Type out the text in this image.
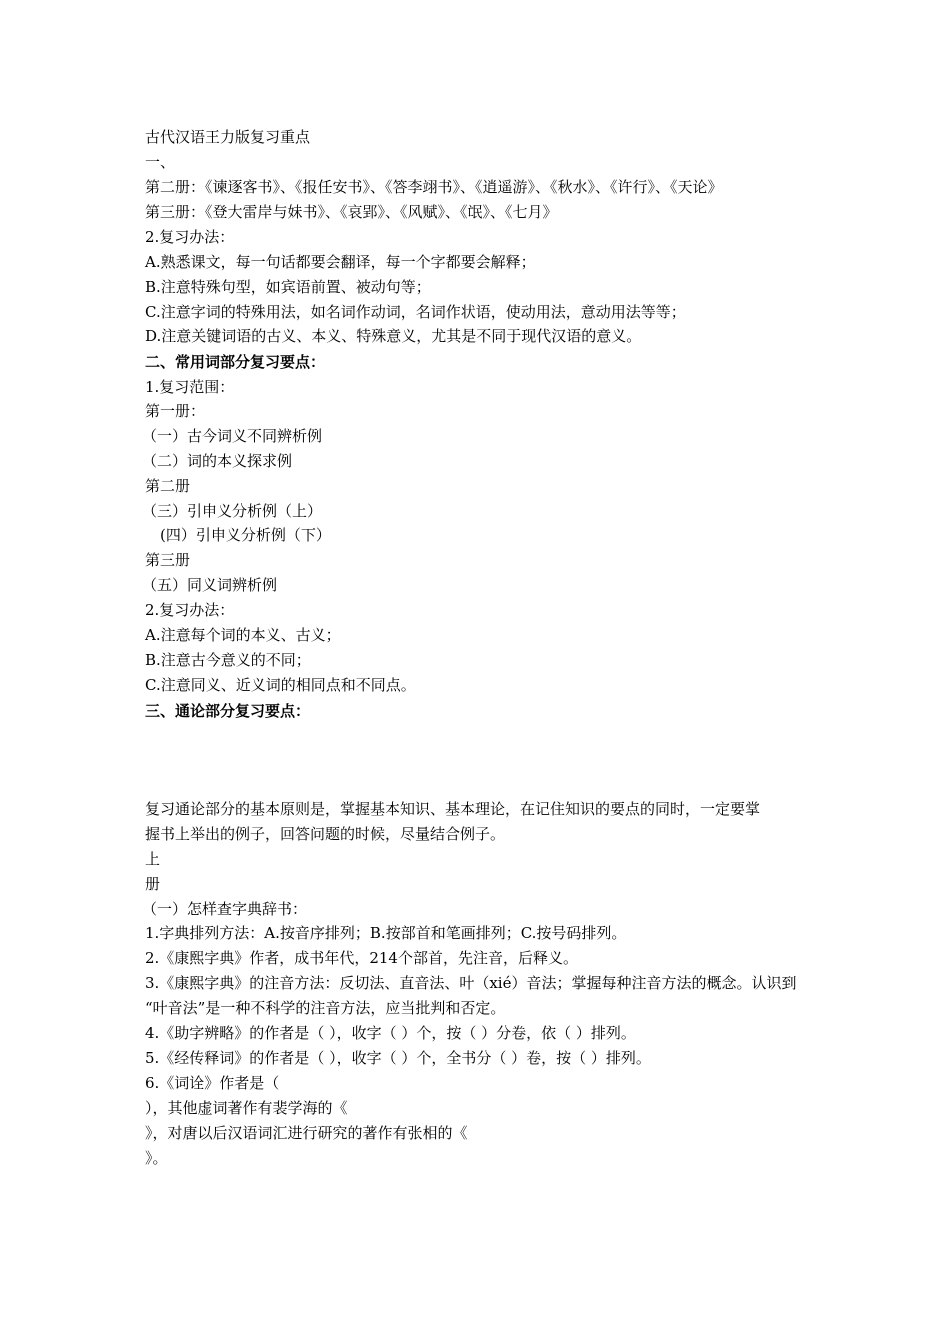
古代汉语王力版复习重点
一、
第二册：《谏逐客书》、《报任安书》、《答李翊书》、《逍遥游》、《秋水》、《许行》、《天论》
第三册：《登大雷岸与妹书》、《哀郢》、《风赋》、《氓》、《七月》
2.复习办法：
A.熟悉课文，每一句话都要会翻译，每一个字都要会解释；
B.注意特殊句型，如宾语前置、被动句等；
C.注意字词的特殊用法，如名词作动词，名词作状语，使动用法，意动用法等等；
D.注意关键词语的古义、本义、特殊意义，尤其是不同于现代汉语的意义。
二、常用词部分复习要点：
1.复习范围：
第一册：
（一）古今词义不同辨析例
（二）词的本义探求例
第二册
（三）引申义分析例（上）
(四）引申义分析例（下）
第三册
（五）同义词辨析例
2.复习办法：
A.注意每个词的本义、古义；
B.注意古今意义的不同；
C.注意同义、近义词的相同点和不同点。
三、通论部分复习要点：
复习通论部分的基本原则是，掌握基本知识、基本理论，在记住知识的要点的同时，一定要掌
握书上举出的例子，回答问题的时候，尽量结合例子。
上
册
（一）怎样查字典辞书：
1.字典排列方法：A.按音序排列；B.按部首和笔画排列；C.按号码排列。
2.《康熙字典》作者，成书年代，214个部首，先注音，后释义。
3.《康熙字典》的注音方法：反切法、直音法、叶（xié）音法；掌握每种注音方法的概念。认识到
“叶音法”是一种不科学的注音方法，应当批判和否定。
4.《助字辨略》的作者是（ ），收字（ ）个，按（ ）分卷，依（ ）排列。
5.《经传释词》的作者是（ ），收字（ ）个，全书分（ ）卷，按（ ）排列。
6.《词诠》作者是（
），其他虚词著作有裴学海的《
》，对唐以后汉语词汇进行研究的著作有张相的《
》。
